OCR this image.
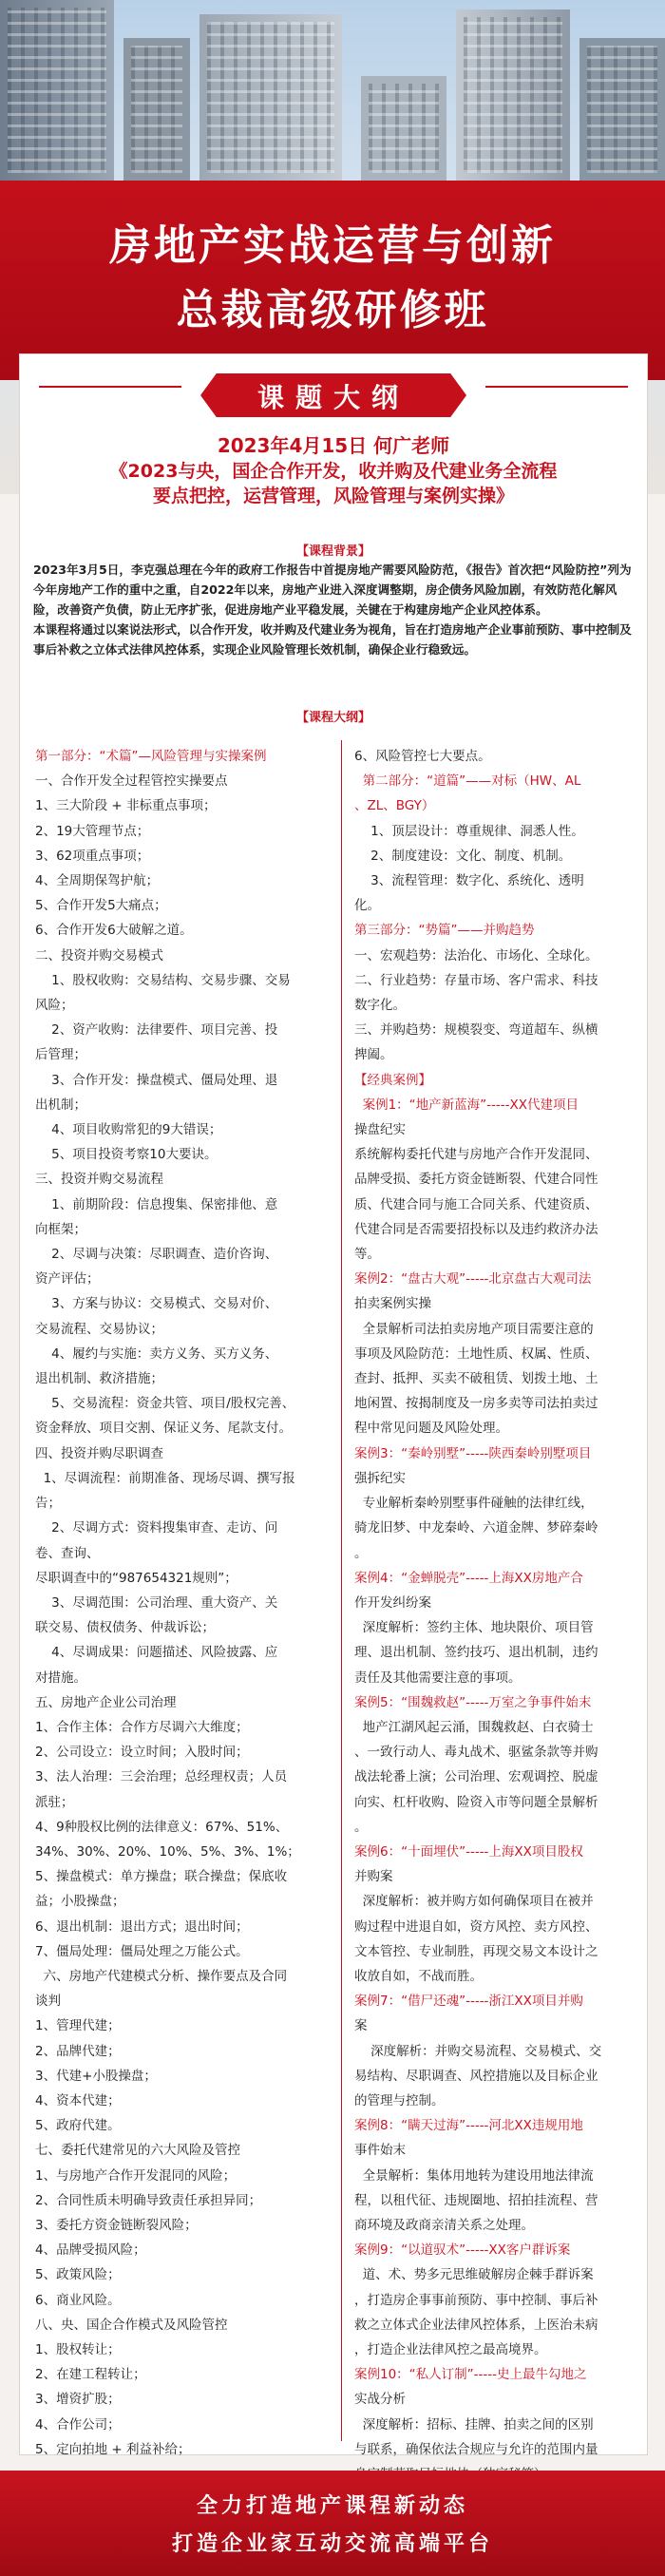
房地产实战运营与创新
总裁高级研修班
课题大纲
2023年4月15日 何广老师
《2023与央，国企合作开发，收并购及代建业务全流程
要点把控，运营管理，风险管理与案例实操》
【课程背景】

2023年3月5日，李克强总理在今年的政府工作报告中首提房地产需要风险防范，《报告》首次把“风险防控”列为今年房地产工作的重中之重，自2022年以来，房地产业进入深度调整期，房企债务风险加剧，有效防范化解风险，改善资产负债，防止无序扩张，促进房地产业平稳发展，关键在于构建房地产企业风控体系。

本课程将通过以案说法形式，以合作开发，收并购及代建业务为视角，旨在打造房地产企业事前预防、事中控制及事后补救之立体式法律风控体系，实现企业风险管理长效机制，确保企业行稳致远。

【课程大纲】
第一部分：“术篇”—风险管理与实操案例
一、合作开发全过程管控实操要点
1、三大阶段 + 非标重点事项；
2、19大管理节点；
3、62项重点事项；
4、全周期保驾护航；
5、合作开发5大痛点；
6、合作开发6大破解之道。
二、投资并购交易模式
1、股权收购：交易结构、交易步骤、交易
风险；
2、资产收购：法律要件、项目完善、投
后管理；
3、合作开发：操盘模式、僵局处理、退
出机制；
4、项目收购常犯的9大错误；
5、项目投资考察10大要诀。
三、投资并购交易流程
1、前期阶段：信息搜集、保密排他、意
向框架；
2、尽调与决策：尽职调查、造价咨询、
资产评估；
3、方案与协议：交易模式、交易对价、
交易流程、交易协议；
4、履约与实施：卖方义务、买方义务、
退出机制、救济措施；
5、交易流程：资金共管、项目/股权完善、
资金释放、项目交割、保证义务、尾款支付。
四、投资并购尽职调查
1、尽调流程：前期准备、现场尽调、撰写报
告；
2、尽调方式：资料搜集审查、走访、问
卷、查询、
尽职调查中的“987654321规则”；
3、尽调范围：公司治理、重大资产、关
联交易、债权债务、仲裁诉讼；
4、尽调成果：问题描述、风险披露、应
对措施。
五、房地产企业公司治理
1、合作主体：合作方尽调六大维度；
2、公司设立：设立时间；入股时间；
3、法人治理：三会治理；总经理权责；人员
派驻；
4、9种股权比例的法律意义：67%、51%、
34%、30%、20%、10%、5%、3%、1%；
5、操盘模式：单方操盘；联合操盘；保底收
益；小股操盘；
6、退出机制：退出方式；退出时间；
7、僵局处理：僵局处理之万能公式。
六、房地产代建模式分析、操作要点及合同
谈判
1、管理代建；
2、品牌代建；
3、代建+小股操盘；
4、资本代建；
5、政府代建。
七、委托代建常见的六大风险及管控
1、与房地产合作开发混同的风险；
2、合同性质未明确导致责任承担异同；
3、委托方资金链断裂风险；
4、品牌受损风险；
5、政策风险；
6、商业风险。
八、央、国企合作模式及风险管控
1、股权转让；
2、在建工程转让；
3、增资扩股；
4、合作公司；
5、定向拍地 + 利益补给；
6、风险管控七大要点。
第二部分：“道篇”——对标（HW、AL
、ZL、BGY）
1、顶层设计：尊重规律、洞悉人性。
2、制度建设：文化、制度、机制。
3、流程管理：数字化、系统化、透明
化。
第三部分：“势篇”——并购趋势
一、宏观趋势：法治化、市场化、全球化。
二、行业趋势：存量市场、客户需求、科技
数字化。
三、并购趋势：规模裂变、弯道超车、纵横
捭阖。
【经典案例】
案例1：“地产新蓝海”-----XX代建项目
操盘纪实
系统解构委托代建与房地产合作开发混同、
品牌受损、委托方资金链断裂、代建合同性
质、代建合同与施工合同关系、代建资质、
代建合同是否需要招投标以及违约救济办法
等。
案例2：“盘古大观”-----北京盘古大观司法
拍卖案例实操
全景解析司法拍卖房地产项目需要注意的
事项及风险防范：土地性质、权属、性质、
查封、抵押、买卖不破租赁、划拨土地、土
地闲置、按揭制度及一房多卖等司法拍卖过
程中常见问题及风险处理。
案例3：“秦岭别墅”-----陕西秦岭别墅项目
强拆纪实
专业解析秦岭别墅事件碰触的法律红线，
骑龙旧梦、中龙秦岭、六道金牌、梦碎秦岭
。
案例4：“金蝉脱壳”-----上海XX房地产合
作开发纠纷案
深度解析：签约主体、地块限价、项目管
理、退出机制、签约技巧、退出机制，违约
责任及其他需要注意的事项。
案例5：“围魏救赵”-----万室之争事件始末
地产江湖风起云涌，围魏救赵、白衣骑士
、一致行动人、毒丸战术、驱鲨条款等并购
战法轮番上演；公司治理、宏观调控、脱虚
向实、杠杆收购、险资入市等问题全景解析
。
案例6：“十面埋伏”-----上海XX项目股权
并购案
深度解析：被并购方如何确保项目在被并
购过程中进退自如，资方风控、卖方风控、
文本管控、专业制胜，再现交易文本设计之
收放自如，不战而胜。
案例7：“借尸还魂”-----浙江XX项目并购
案
深度解析：并购交易流程、交易模式、交
易结构、尽职调查、风控措施以及目标企业
的管理与控制。
案例8：“瞒天过海”-----河北XX违规用地
事件始末
全景解析：集体用地转为建设用地法律流
程，以租代征、违规圈地、招拍挂流程、营
商环境及政商亲清关系之处理。
案例9：“以道驭术”-----XX客户群诉案
道、术、势多元思维破解房企棘手群诉案
，打造房企事事前预防、事中控制、事后补
救之立体式企业法律风控体系，上医治未病
，打造企业法律风控之最高境界。
案例10：“私人订制”-----史上最牛勾地之
实战分析
深度解析：招标、挂牌、拍卖之间的区别
与联系，确保依法合规应与允许的范围内量
全力打造地产课程新动态
打造企业家互动交流高端平台
